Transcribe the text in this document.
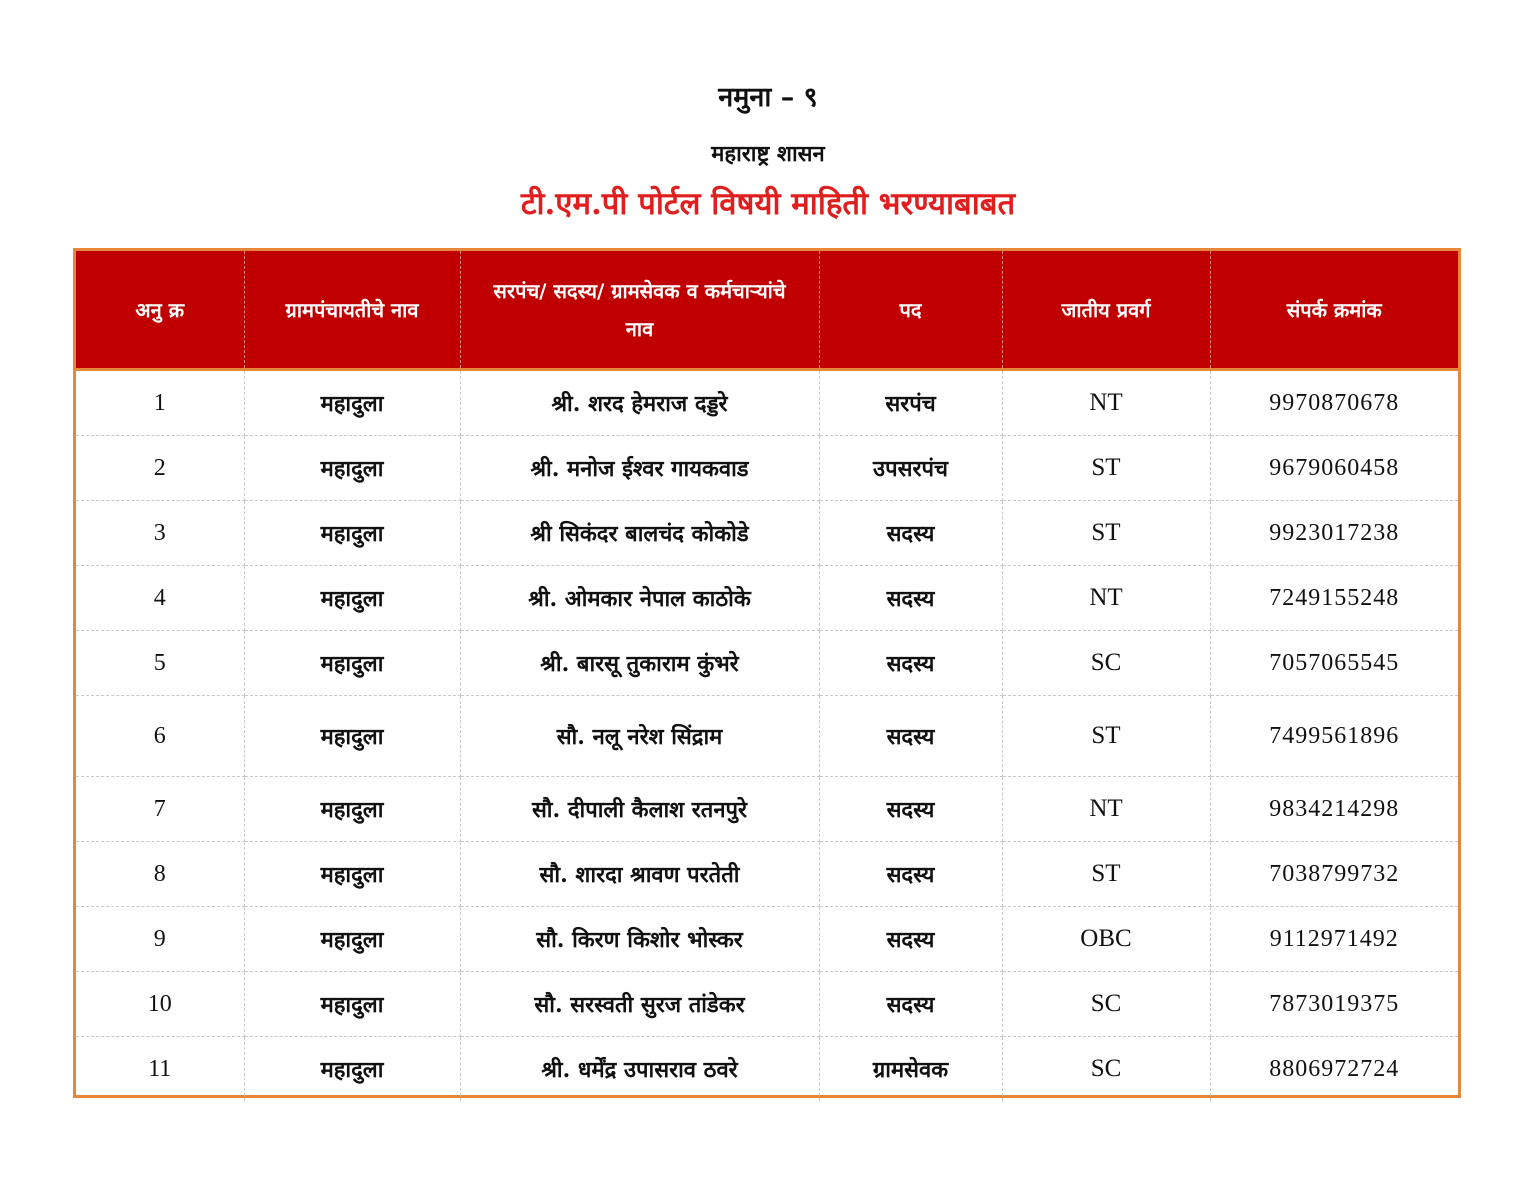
नमुना – ९
महाराष्ट्र शासन
टी.एम.पी पोर्टल विषयी माहिती भरण्याबाबत
अनु क्र	ग्रामपंचायतीचे नाव	सरपंच/ सदस्य/ ग्रामसेवक व कर्मचाऱ्यांचे नाव	पद	जातीय प्रवर्ग	संपर्क क्रमांक
1	महादुला	श्री. शरद हेमराज दड्डरे	सरपंच	NT	9970870678
2	महादुला	श्री. मनोज ईश्वर गायकवाड	उपसरपंच	ST	9679060458
3	महादुला	श्री सिकंदर बालचंद कोकोडे	सदस्य	ST	9923017238
4	महादुला	श्री. ओमकार नेपाल काठोके	सदस्य	NT	7249155248
5	महादुला	श्री. बारसू तुकाराम कुंभरे	सदस्य	SC	7057065545
6	महादुला	सौ. नलू नरेश सिंद्राम	सदस्य	ST	7499561896
7	महादुला	सौ. दीपाली कैलाश रतनपुरे	सदस्य	NT	9834214298
8	महादुला	सौ. शारदा श्रावण परतेती	सदस्य	ST	7038799732
9	महादुला	सौ. किरण किशोर भोस्कर	सदस्य	OBC	9112971492
10	महादुला	सौ. सरस्वती सुरज तांडेकर	सदस्य	SC	7873019375
11	महादुला	श्री. धर्मेंद्र उपासराव ठवरे	ग्रामसेवक	SC	8806972724
